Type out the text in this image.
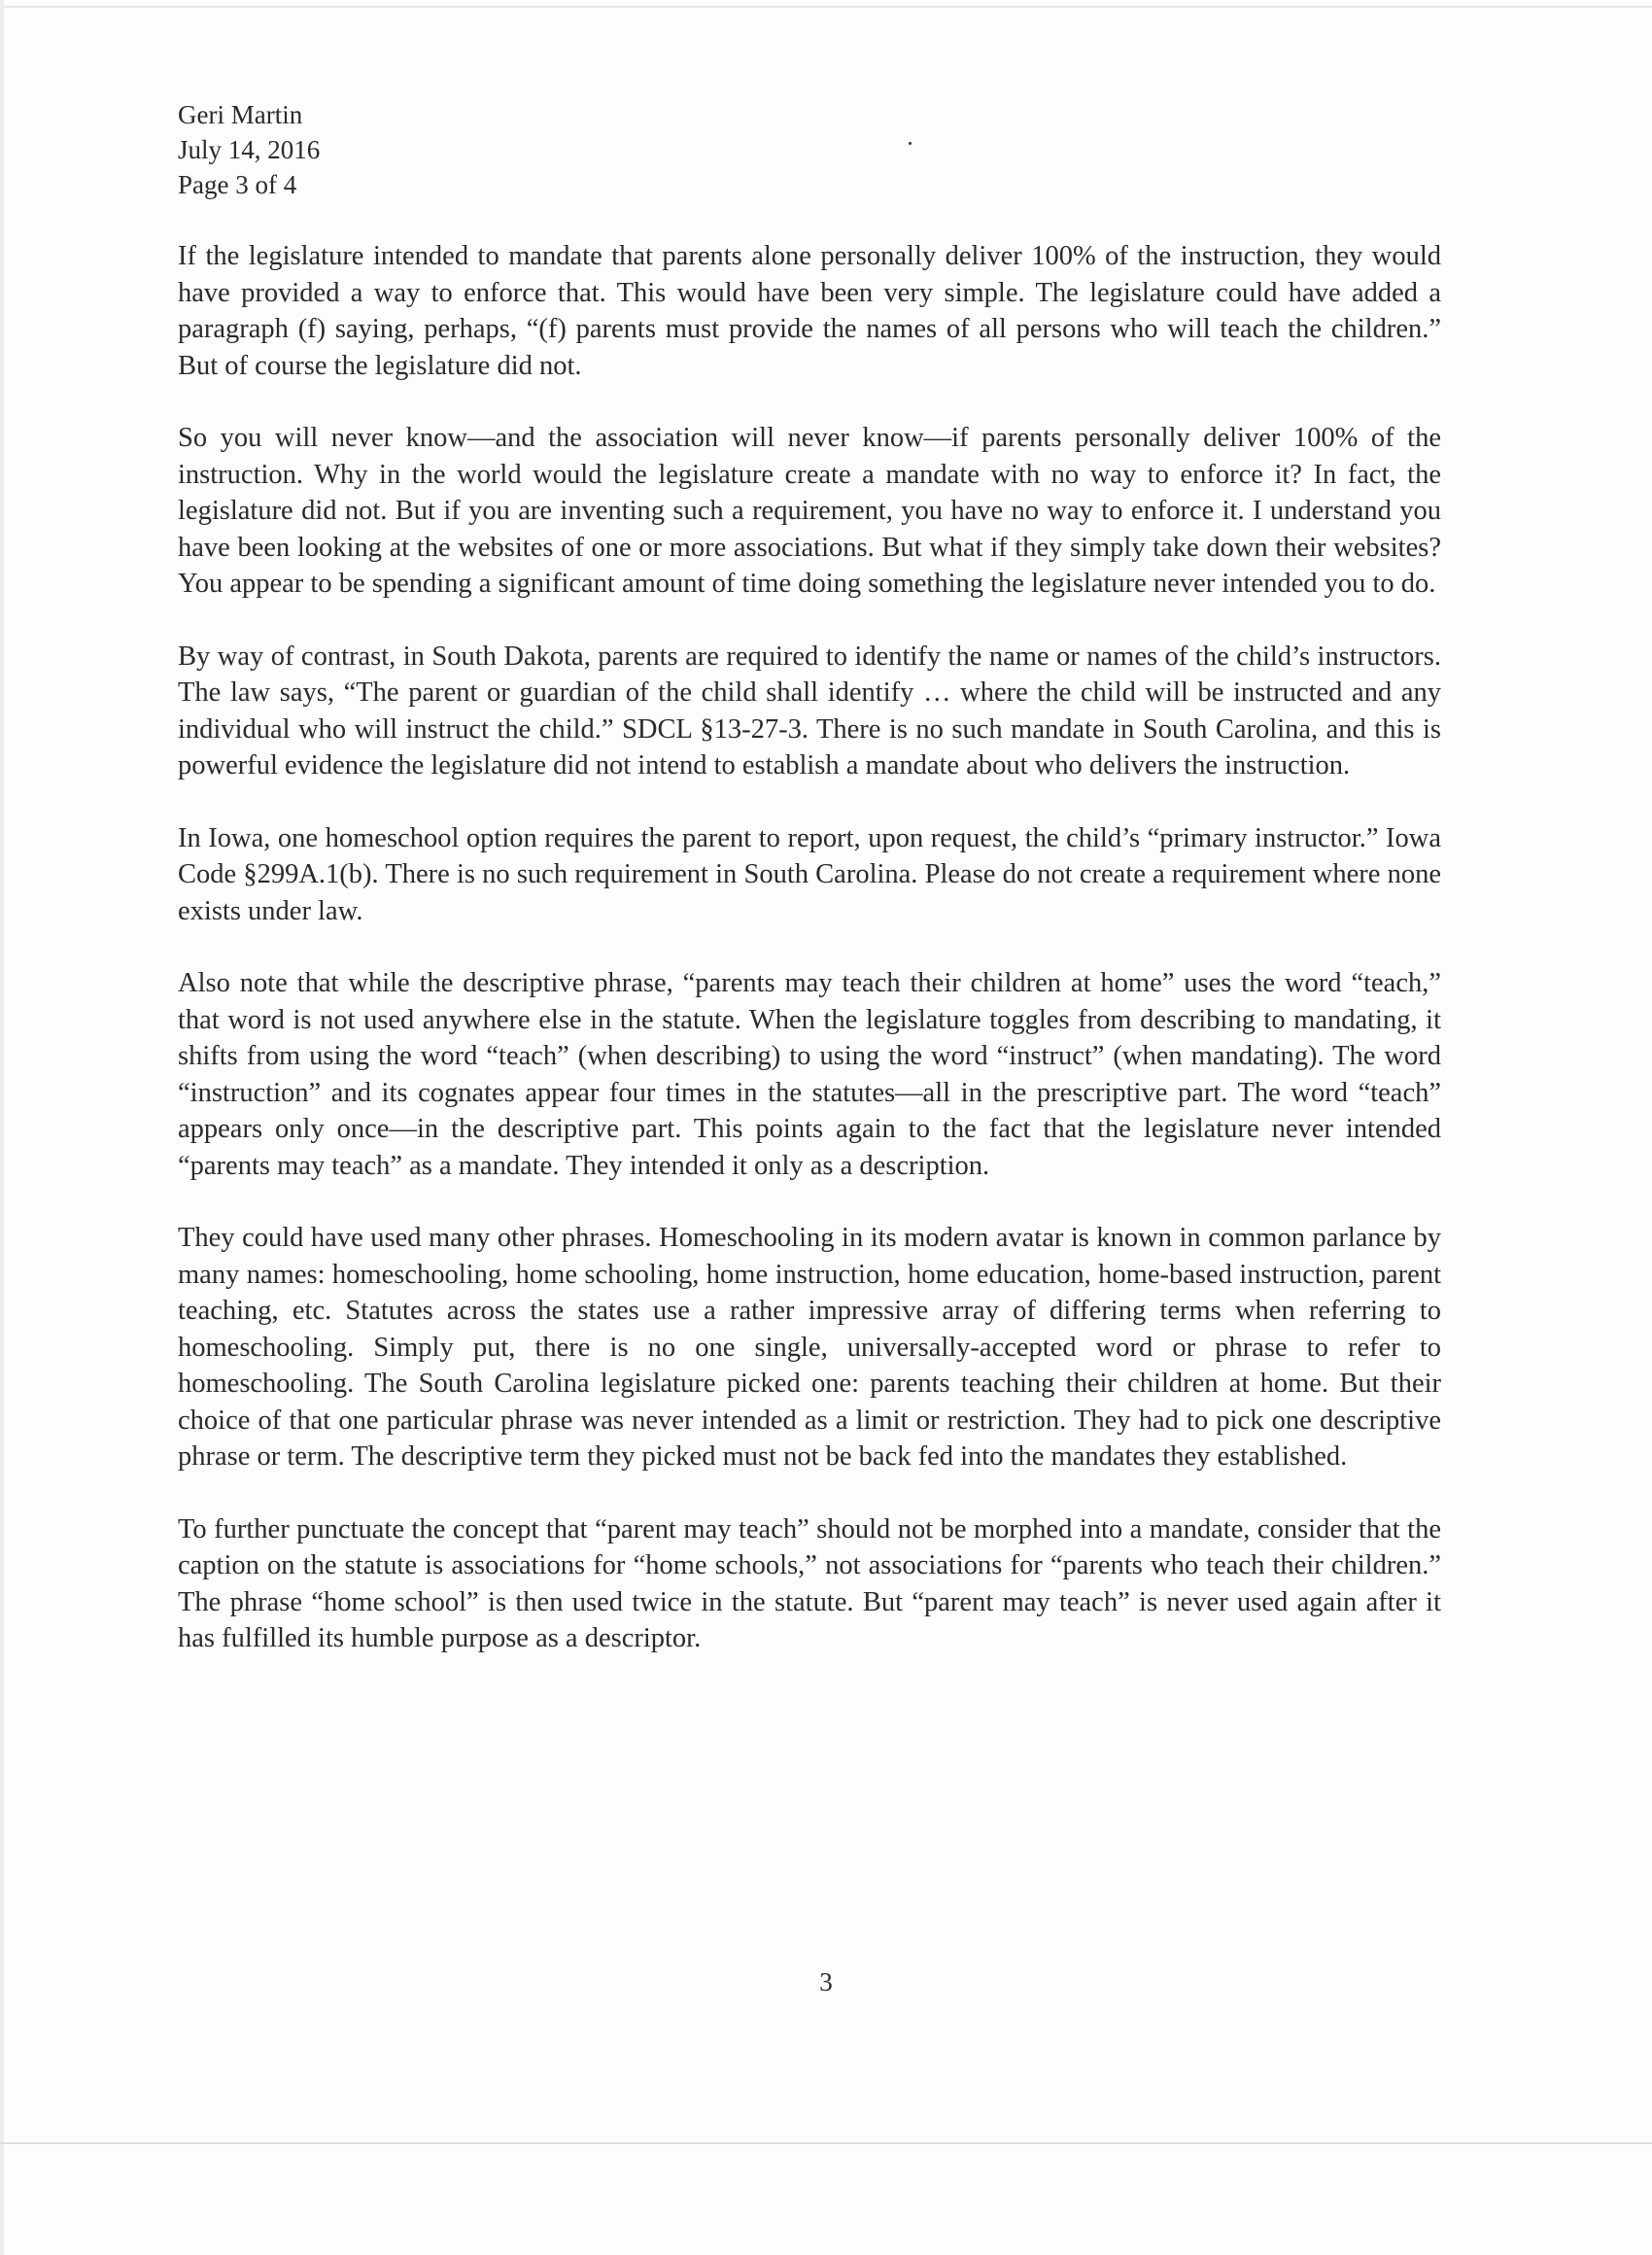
Geri Martin
July 14, 2016
Page 3 of 4

If the legislature intended to mandate that parents alone personally deliver 100% of the instruction, they would have provided a way to enforce that. This would have been very simple. The legislature could have added a paragraph (f) saying, perhaps, “(f) parents must provide the names of all persons who will teach the children.” But of course the legislature did not.

So you will never know—and the association will never know—if parents personally deliver 100% of the instruction. Why in the world would the legislature create a mandate with no way to enforce it? In fact, the legislature did not. But if you are inventing such a requirement, you have no way to enforce it. I understand you have been looking at the websites of one or more associations. But what if they simply take down their websites? You appear to be spending a significant amount of time doing something the legislature never intended you to do.

By way of contrast, in South Dakota, parents are required to identify the name or names of the child’s instructors. The law says, “The parent or guardian of the child shall identify … where the child will be instructed and any individual who will instruct the child.” SDCL §13-27-3. There is no such mandate in South Carolina, and this is powerful evidence the legislature did not intend to establish a mandate about who delivers the instruction.

In Iowa, one homeschool option requires the parent to report, upon request, the child’s “primary instructor.” Iowa Code §299A.1(b). There is no such requirement in South Carolina. Please do not create a requirement where none exists under law.

Also note that while the descriptive phrase, “parents may teach their children at home” uses the word “teach,” that word is not used anywhere else in the statute. When the legislature toggles from describing to mandating, it shifts from using the word “teach” (when describing) to using the word “instruct” (when mandating). The word “instruction” and its cognates appear four times in the statutes—all in the prescriptive part. The word “teach” appears only once—in the descriptive part. This points again to the fact that the legislature never intended “parents may teach” as a mandate. They intended it only as a description.

They could have used many other phrases. Homeschooling in its modern avatar is known in common parlance by many names: homeschooling, home schooling, home instruction, home education, home-based instruction, parent teaching, etc. Statutes across the states use a rather impressive array of differing terms when referring to homeschooling. Simply put, there is no one single, universally-accepted word or phrase to refer to homeschooling. The South Carolina legislature picked one: parents teaching their children at home. But their choice of that one particular phrase was never intended as a limit or restriction. They had to pick one descriptive phrase or term. The descriptive term they picked must not be back fed into the mandates they established.

To further punctuate the concept that “parent may teach” should not be morphed into a mandate, consider that the caption on the statute is associations for “home schools,” not associations for “parents who teach their children.” The phrase “home school” is then used twice in the statute. But “parent may teach” is never used again after it has fulfilled its humble purpose as a descriptor.

3
